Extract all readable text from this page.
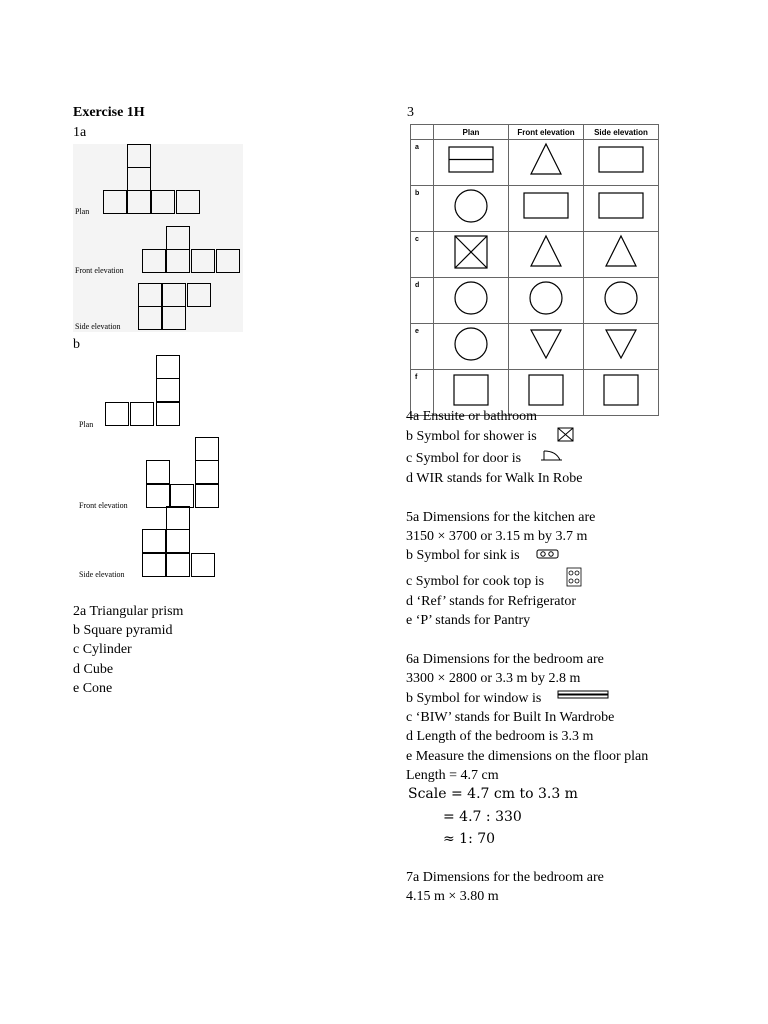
Exercise 1H
1a
Plan
Front elevation
Side elevation
b
Plan
Front elevation
Side elevation
2a Triangular prism
b Square pyramid
c Cylinder
d Cube
e Cone
3
	Plan	Front elevation	Side elevation
a			
b			
c			
d			
e			
f			
4a Ensuite or bathroom
b Symbol for shower is
c Symbol for door is
d WIR stands for Walk In Robe
5a Dimensions for the kitchen are
3150 × 3700 or 3.15 m by 3.7 m
b Symbol for sink is
c Symbol for cook top is
d ‘Ref’ stands for Refrigerator
e ‘P’ stands for Pantry
6a Dimensions for the bedroom are
3300 × 2800 or 3.3 m by 2.8 m
b Symbol for window is
c ‘BIW’ stands for Built In Wardrobe
d Length of the bedroom is 3.3 m
e Measure the dimensions on the floor plan
Length = 4.7 cm
Scale = 4.7 cm to 3.3 m
= 4.7 : 330
≈ 1: 70
7a Dimensions for the bedroom are
4.15 m × 3.80 m
